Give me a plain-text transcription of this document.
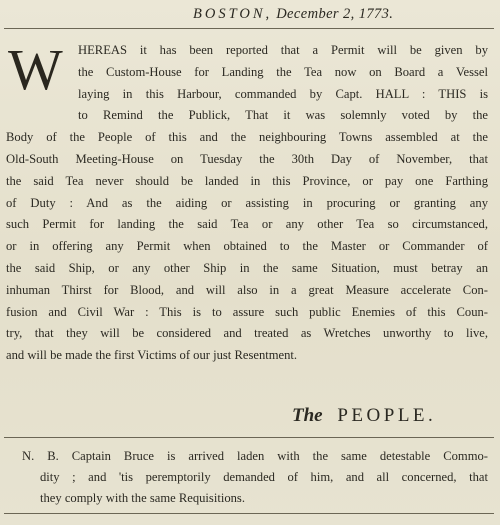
BOSTON, December 2, 1773.
W	HEREAS it has been reported that a Permit will be given by
the Custom-House for Landing the Tea now on Board a Vessel
laying in this Harbour, commanded by Capt. HALL : THIS is
to Remind the Publick, That it was solemnly voted by the
Body of the People of this and the neighbouring Towns assembled at the
Old-South Meeting-House on Tuesday the 30th Day of November, that
the said Tea never should be landed in this Province, or pay one Farthing
of Duty : And as the aiding or assisting in procuring or granting any
such Permit for landing the said Tea or any other Tea so circumstanced,
or in offering any Permit when obtained to the Master or Commander of
the said Ship, or any other Ship in the same Situation, must betray an
inhuman Thirst for Blood, and will also in a great Measure accelerate Con-
fusion and Civil War : This is to assure such public Enemies of this Coun-
try, that they will be considered and treated as Wretches unworthy to live,
and will be made the first Victims of our just Resentment.
The PEOPLE.
N. B. Captain Bruce is arrived laden with the same detestable Commo-
dity ; and 'tis peremptorily demanded of him, and all concerned, that
they comply with the same Requisitions.
